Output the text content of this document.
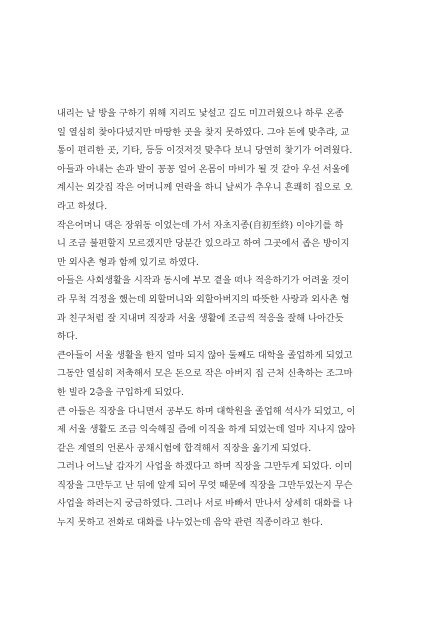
내리는 날 방을 구하기 위해 지리도 낯설고 길도 미끄러웠으나 하루 온종
일 열심히 찾아다녔지만 마땅한 곳을 찾지 못하였다. 그야 돈에 맞추랴, 교
통이 편리한 곳, 기타, 등등 이것저것 맞추다 보니 당연히 찾기가 어려웠다.
아들과 아내는 손과 발이 꽁꽁 얼어 온몸이 마비가 될 것 같아 우선 서울에
계시는 외갓집 작은 어머니께 연락을 하니 날씨가 추우니 흔쾌히 집으로 오
라고 하셨다.

작은어머니 댁은 장위동 이었는데 가서 자초지종(自初至終) 이야기를 하
니 조금 불편할지 모르겠지만 당분간 있으라고 하여 그곳에서 좁은 방이지
만 외사촌 형과 함께 있기로 하였다.

아들은 사회생활을 시작과 동시에 부모 곁을 떠나 적응하기가 어려울 것이
라 무척 걱정을 했는데 외할머니와 외할아버지의 따뜻한 사랑과 외사촌 형
과 친구처럼 잘 지내며 직장과 서울 생활에 조금씩 적응을 잘해 나아간듯
하다.

큰아들이 서울 생활을 한지 얼마 되지 않아 둘째도 대학을 졸업하게 되었고
그동안 열심히 저축해서 모은 돈으로 작은 아버지 집 근처 신축하는 조그마
한 빌라 2층을 구입하게 되었다.

큰 아들은 직장을 다니면서 공부도 하며 대학원을 졸업해 석사가 되었고, 이
제 서울 생활도 조금 익숙해질 즘에 이직을 하게 되었는데 얼마 지나지 않아
같은 계열의 언론사 공채시험에 합격해서 직장을 옮기게 되었다.

그러나 어느날 갑자기 사업을 하겠다고 하며 직장을 그만두게 되었다. 이미
직장을 그만두고 난 뒤에 알게 되어 무엇 때문에 직장을 그만두었는지 무슨
사업을 하려는지 궁금하였다. 그러나 서로 바빠서 만나서 상세히 대화를 나
누지 못하고 전화로 대화를 나누었는데 음악 관련 직종이라고 한다.
